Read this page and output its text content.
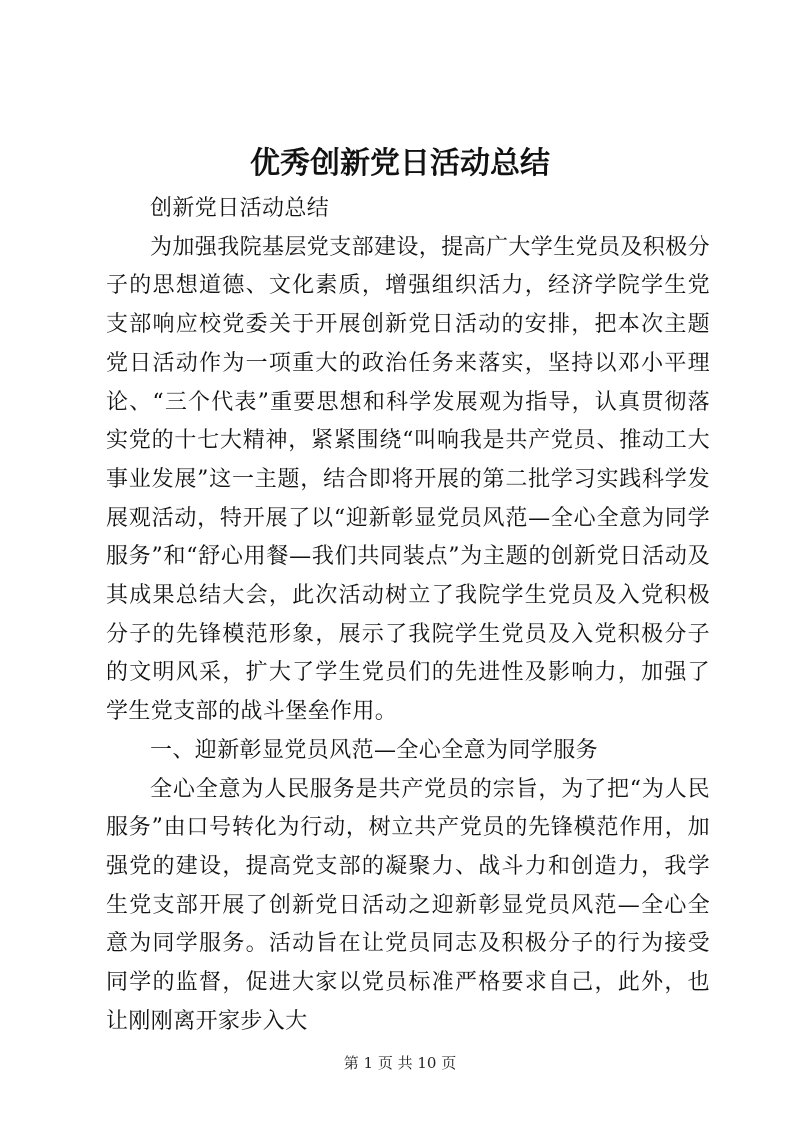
优秀创新党日活动总结

创新党日活动总结

为加强我院基层党支部建设，提高广大学生党员及积极分子的思想道德、文化素质，增强组织活力，经济学院学生党支部响应校党委关于开展创新党日活动的安排，把本次主题党日活动作为一项重大的政治任务来落实，坚持以邓小平理论、“三个代表”重要思想和科学发展观为指导，认真贯彻落实党的十七大精神，紧紧围绕“叫响我是共产党员、推动工大事业发展”这一主题，结合即将开展的第二批学习实践科学发展观活动，特开展了以“迎新彰显党员风范—全心全意为同学服务”和“舒心用餐—我们共同装点”为主题的创新党日活动及其成果总结大会，此次活动树立了我院学生党员及入党积极分子的先锋模范形象，展示了我院学生党员及入党积极分子的文明风采，扩大了学生党员们的先进性及影响力，加强了学生党支部的战斗堡垒作用。

一、迎新彰显党员风范—全心全意为同学服务

全心全意为人民服务是共产党员的宗旨，为了把“为人民服务”由口号转化为行动，树立共产党员的先锋模范作用，加强党的建设，提高党支部的凝聚力、战斗力和创造力，我学生党支部开展了创新党日活动之迎新彰显党员风范—全心全意为同学服务。活动旨在让党员同志及积极分子的行为接受同学的监督，促进大家以党员标准严格要求自己，此外，也让刚刚离开家步入大

第 1 页 共 10 页
